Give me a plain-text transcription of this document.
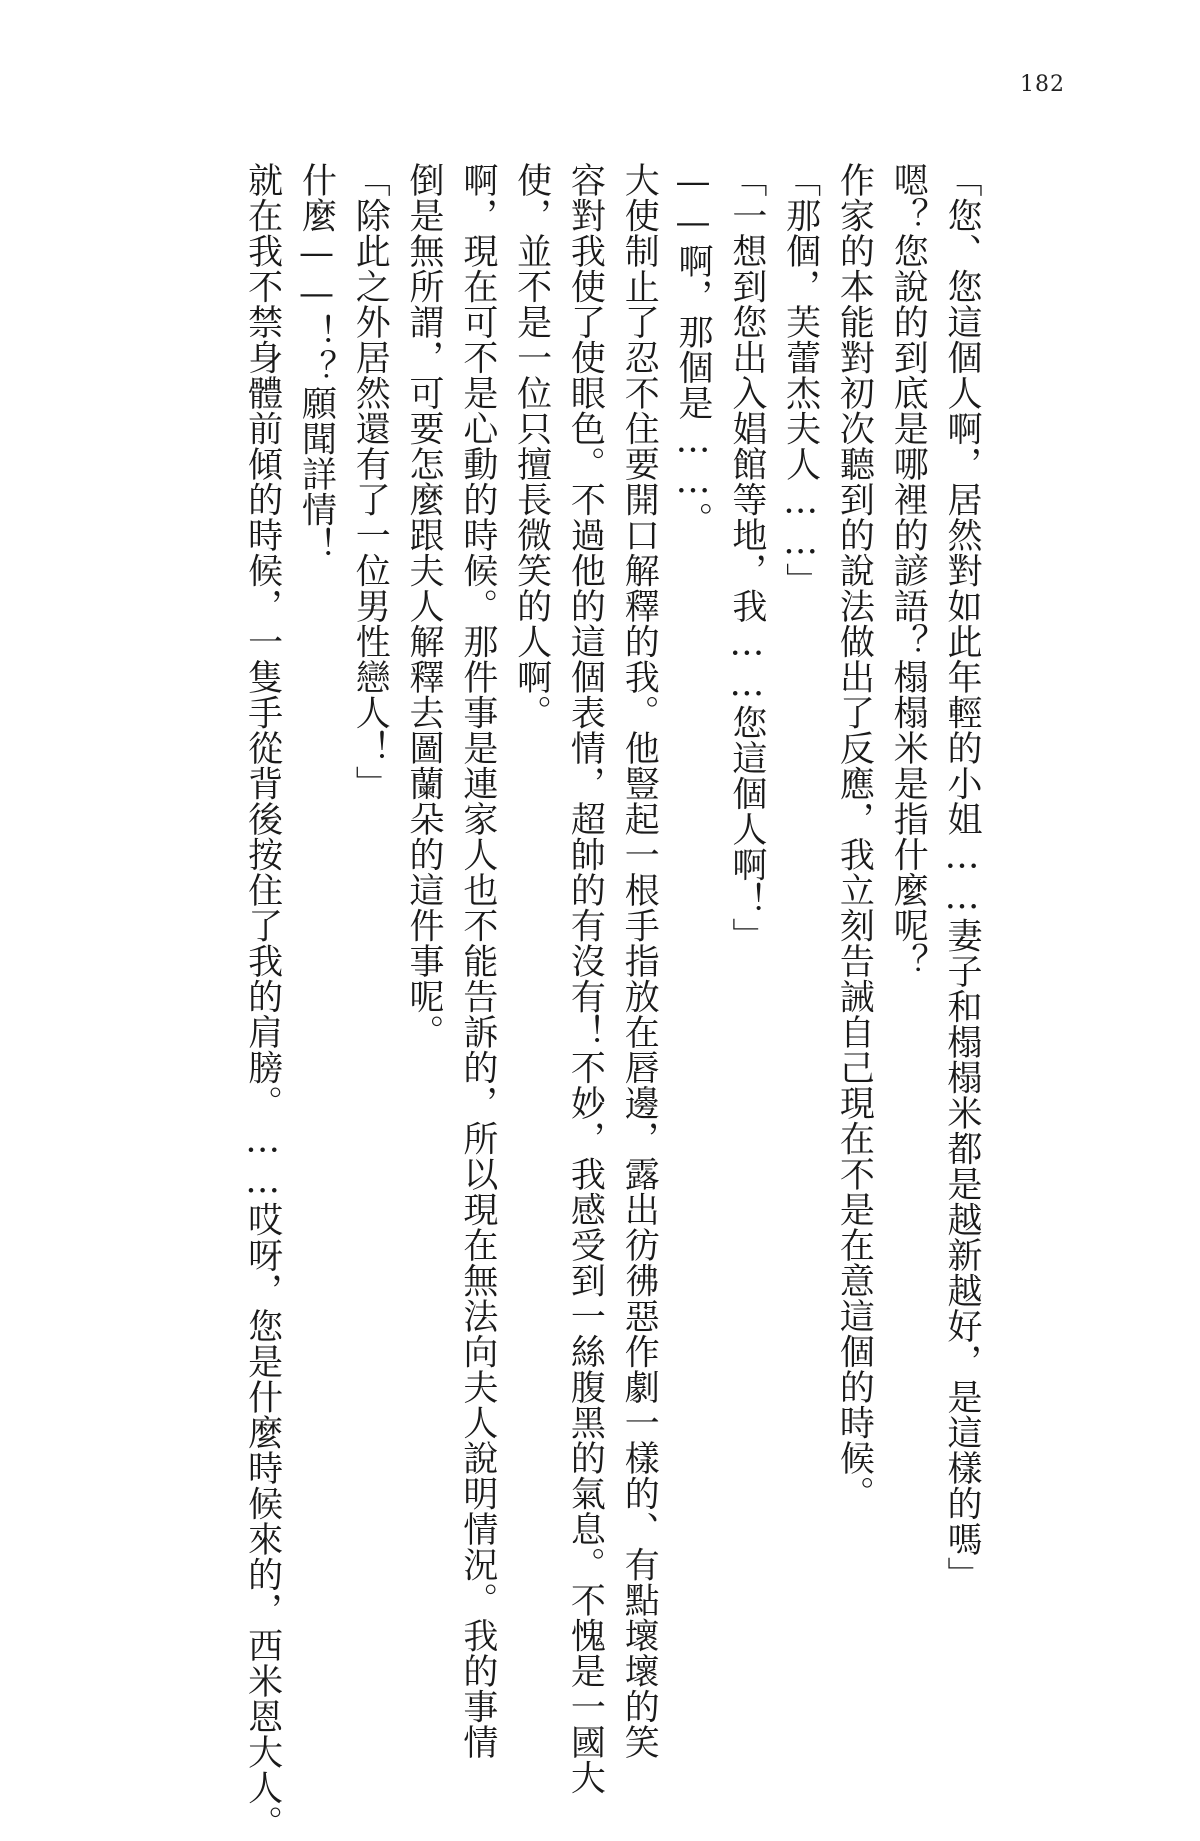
182

「您、您這個人啊，居然對如此年輕的小姐……妻子和榻榻米都是越新越好，是這樣的嗎」

嗯？您說的到底是哪裡的諺語？榻榻米是指什麼呢？

作家的本能對初次聽到的說法做出了反應，我立刻告誡自己現在不是在意這個的時候。

「那個，芙蕾杰夫人……」

「一想到您出入娼館等地，我……您這個人啊！」

——啊，那個是……。

大使制止了忍不住要開口解釋的我。他豎起一根手指放在唇邊，露出彷彿惡作劇一樣的、有點壞壞的笑

容對我使了使眼色。不過他的這個表情，超帥的有沒有！不妙，我感受到一絲腹黑的氣息。不愧是一國大

使，並不是一位只擅長微笑的人啊。

啊，現在可不是心動的時候。那件事是連家人也不能告訴的，所以現在無法向夫人說明情況。我的事情

倒是無所謂，可要怎麼跟夫人解釋去圖蘭朵的這件事呢。

「除此之外居然還有了一位男性戀人！」

什麼——！？願聞詳情！

就在我不禁身體前傾的時候，一隻手從背後按住了我的肩膀。……哎呀，您是什麼時候來的，西米恩大人。
